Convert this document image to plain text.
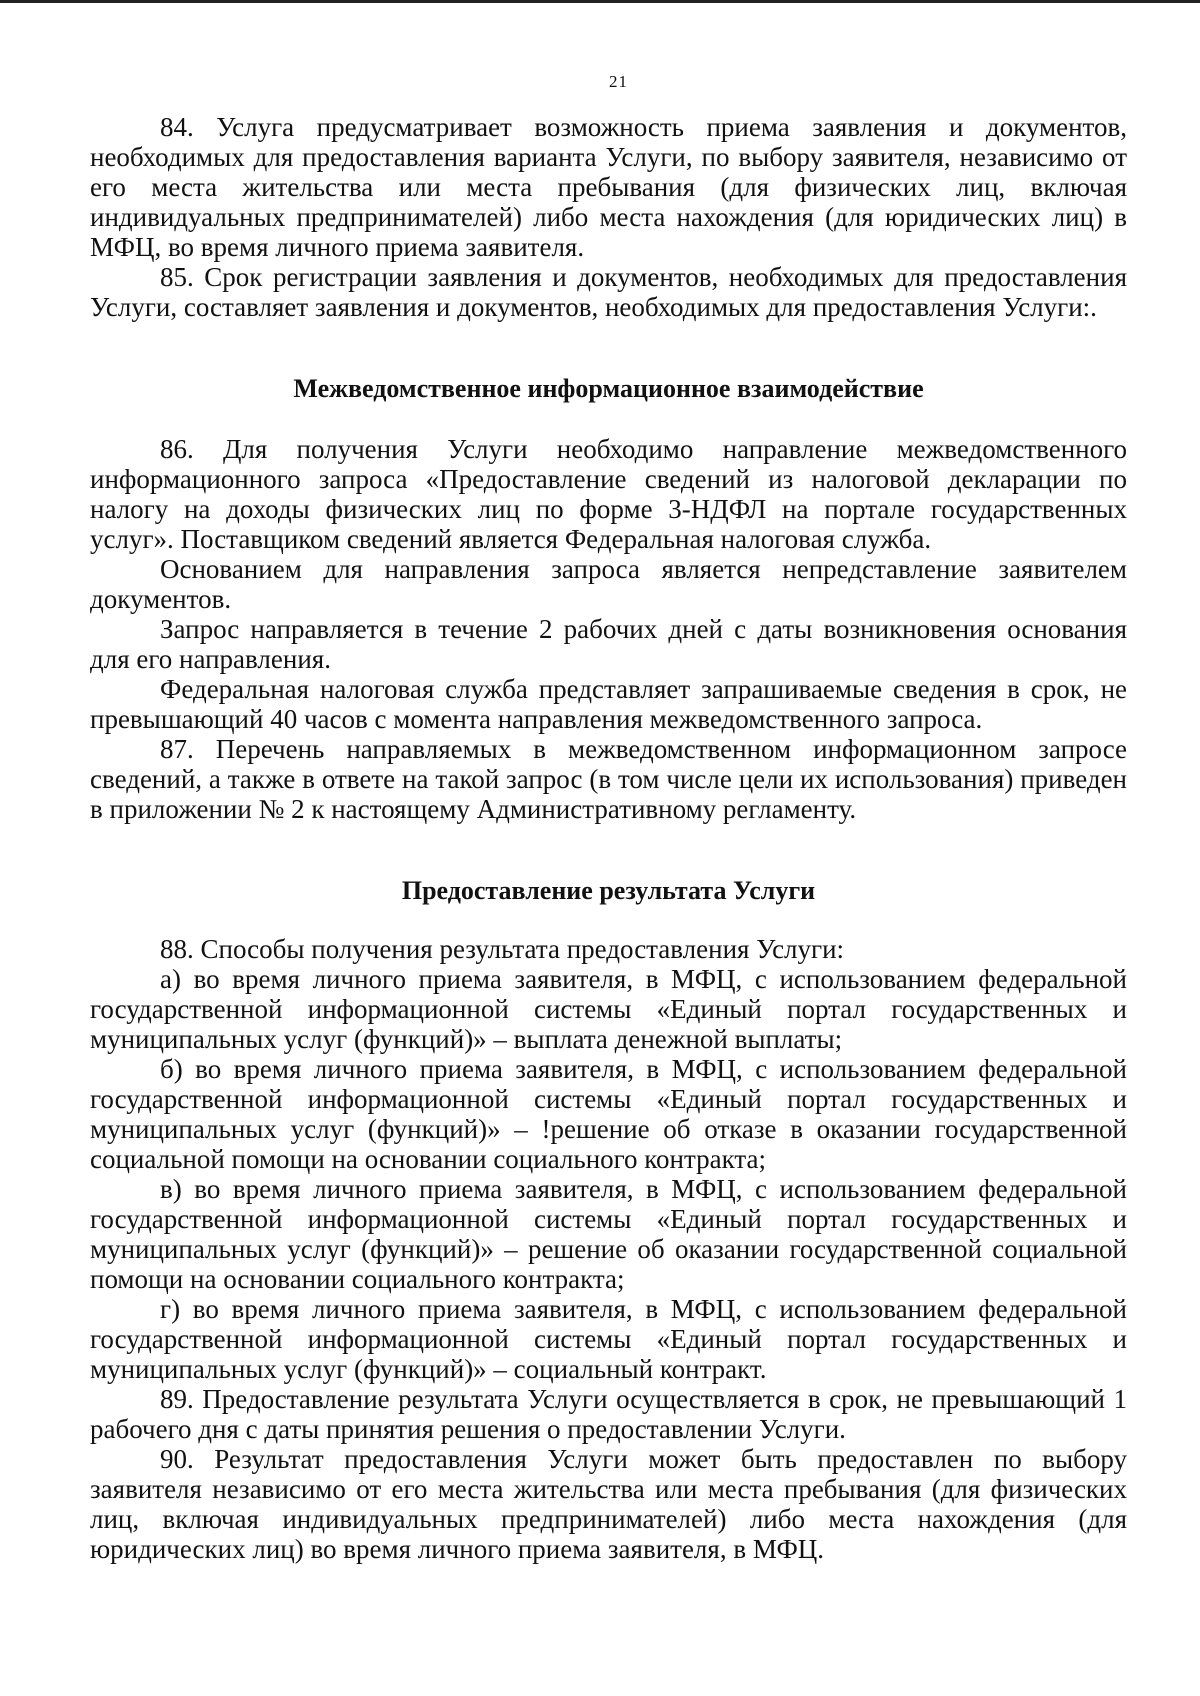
21

84. Услуга предусматривает возможность приема заявления и документов, необходимых для предоставления варианта Услуги, по выбору заявителя, независимо от его места жительства или места пребывания (для физических лиц, включая индивидуальных предпринимателей) либо места нахождения (для юридических лиц) в МФЦ, во время личного приема заявителя.

85. Срок регистрации заявления и документов, необходимых для предоставления Услуги, составляет заявления и документов, необходимых для предоставления Услуги:.

Межведомственное информационное взаимодействие

86. Для получения Услуги необходимо направление межведомственного информационного запроса «Предоставление сведений из налоговой декларации по налогу на доходы физических лиц по форме 3-НДФЛ на портале государственных услуг». Поставщиком сведений является Федеральная налоговая служба.

Основанием для направления запроса является непредставление заявителем документов.

Запрос направляется в течение 2 рабочих дней с даты возникновения основания для его направления.

Федеральная налоговая служба представляет запрашиваемые сведения в срок, не превышающий 40 часов с момента направления межведомственного запроса.

87. Перечень направляемых в межведомственном информационном запросе сведений, а также в ответе на такой запрос (в том числе цели их использования) приведен в приложении № 2 к настоящему Административному регламенту.

Предоставление результата Услуги

88. Способы получения результата предоставления Услуги:

а) во время личного приема заявителя, в МФЦ, с использованием федеральной государственной информационной системы «Единый портал государственных и муниципальных услуг (функций)» – выплата денежной выплаты;

б) во время личного приема заявителя, в МФЦ, с использованием федеральной государственной информационной системы «Единый портал государственных и муниципальных услуг (функций)» – !решение об отказе в оказании государственной социальной помощи на основании социального контракта;

в) во время личного приема заявителя, в МФЦ, с использованием федеральной государственной информационной системы «Единый портал государственных и муниципальных услуг (функций)» – решение об оказании государственной социальной помощи на основании социального контракта;

г) во время личного приема заявителя, в МФЦ, с использованием федеральной государственной информационной системы «Единый портал государственных и муниципальных услуг (функций)» – социальный контракт.

89. Предоставление результата Услуги осуществляется в срок, не превышающий 1 рабочего дня с даты принятия решения о предоставлении Услуги.

90. Результат предоставления Услуги может быть предоставлен по выбору заявителя независимо от его места жительства или места пребывания (для физических лиц, включая индивидуальных предпринимателей) либо места нахождения (для юридических лиц) во время личного приема заявителя, в МФЦ.
